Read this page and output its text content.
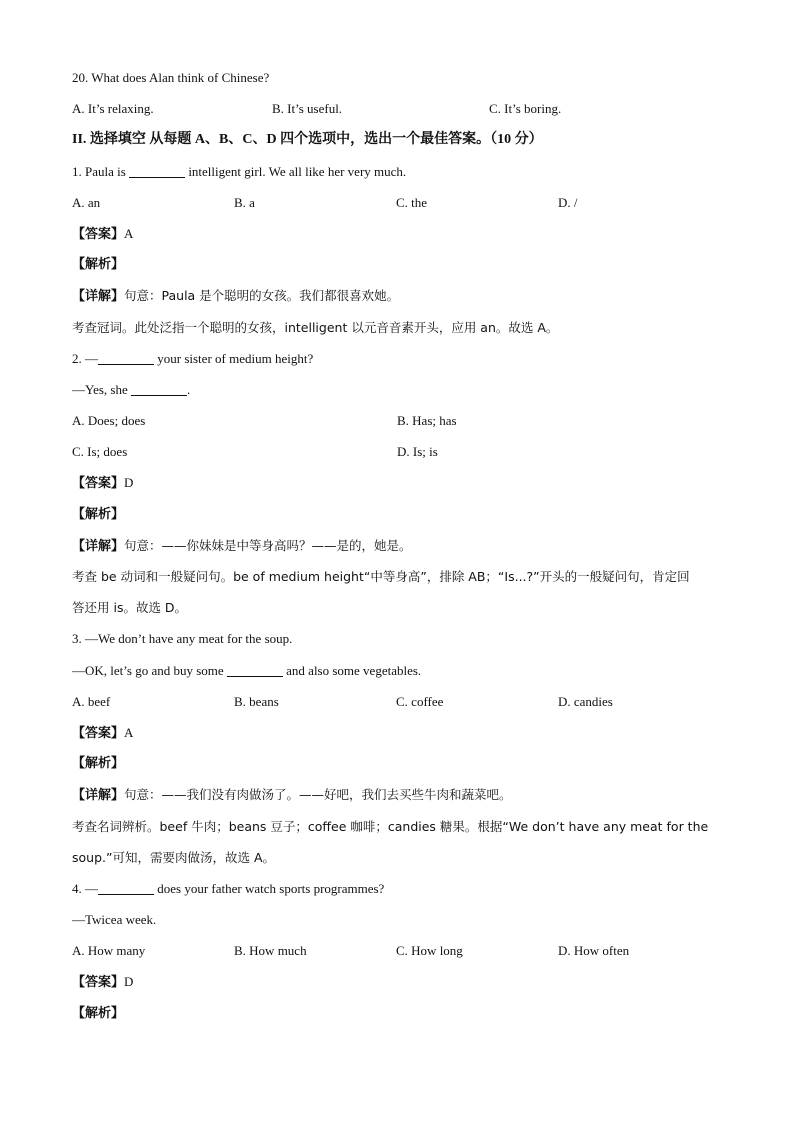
20. What does Alan think of Chinese?
A. It’s relaxing.	B. It’s useful.	C. It’s boring.
II. 选择填空 从每题 A、B、C、D 四个选项中，选出一个最佳答案。（10 分）
1. Paula is	intelligent girl. We all like her very much.
A. an	B. a	C. the	D. /
【答案】A
【解析】
【详解】句意：Paula 是个聪明的女孩。我们都很喜欢她。
考查冠词。此处泛指一个聪明的女孩，intelligent 以元音音素开头，应用 an。故选 A。
2. —	your sister of medium height?
—Yes, she	.
A. Does; does	B. Has; has
C. Is; does	D. Is; is
【答案】D
【解析】
【详解】句意：——你妹妹是中等身高吗？——是的，她是。
考查 be 动词和一般疑问句。be of medium height“中等身高”，排除 AB；“Is...?”开头的一般疑问句，肯定回
答还用 is。故选 D。
3. —We don’t have any meat for the soup.
—OK, let’s go and buy some	and also some vegetables.
A. beef	B. beans	C. coffee	D. candies
【答案】A
【解析】
【详解】句意：——我们没有肉做汤了。——好吧，我们去买些牛肉和蔬菜吧。
考查名词辨析。beef 牛肉；beans 豆子；coffee 咖啡；candies 糖果。根据“We don’t have any meat for the
soup.”可知，需要肉做汤，故选 A。
4. —	does your father watch sports programmes?
—Twicea week.
A. How many	B. How much	C. How long	D. How often
【答案】D
【解析】
